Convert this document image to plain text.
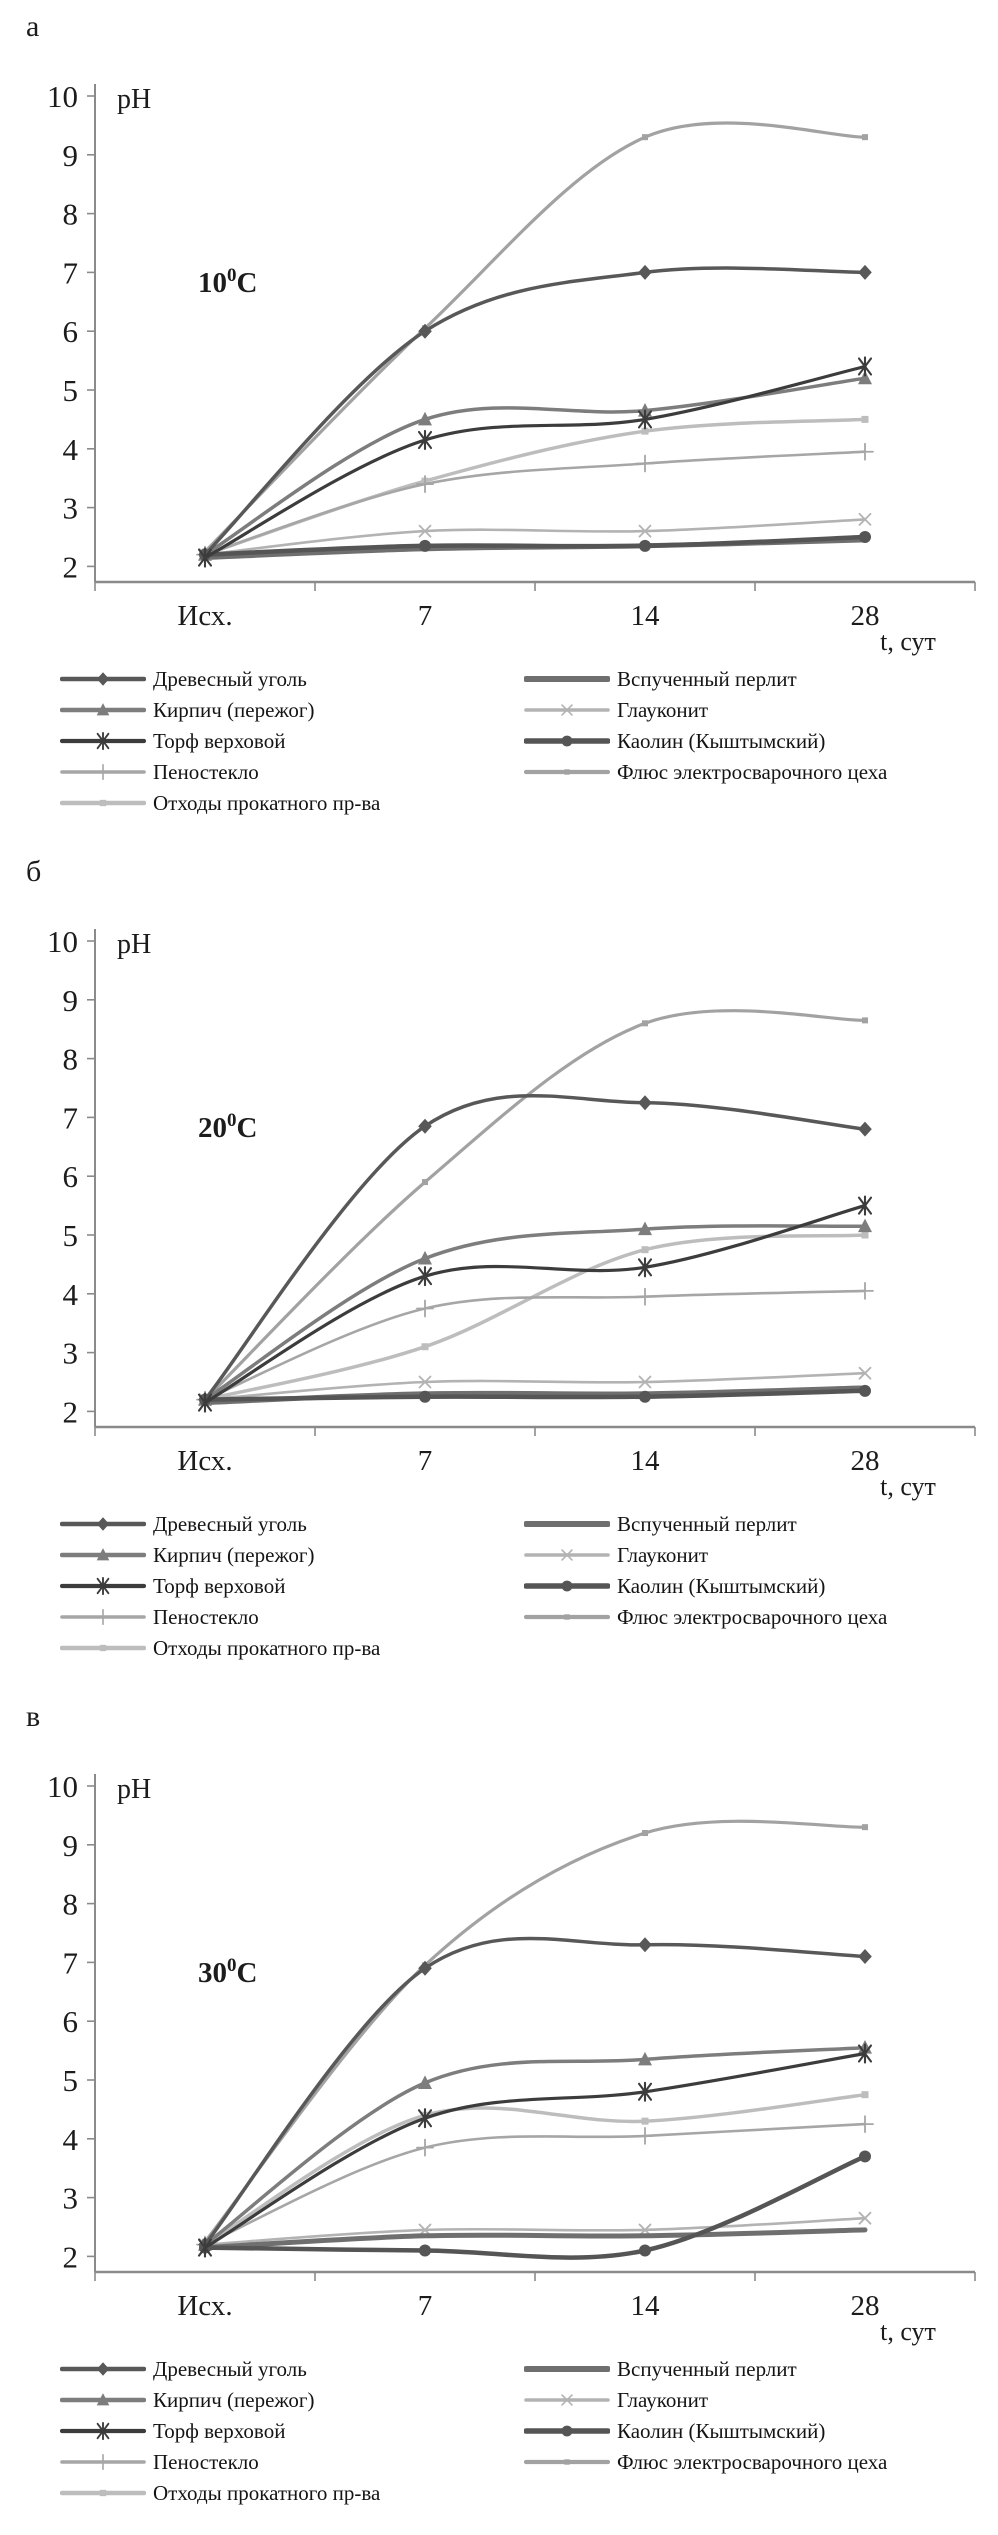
а
2
3
4
5
6
7
8
9
10
Исх.	7	14	28
pH
t, сут
$10^0C$
Древесный уголь	Вспученный перлит
Кирпич (пережог)	Глауконит
Торф верховой	Каолин (Кыштымский)
Пеностекло	Флюс электросварочного цеха
Отходы прокатного пр-ва
б
2
3
4
5
6
7
8
9
10
Исх.	7	14	28
pH
t, сут
$20^0C$
Древесный уголь	Вспученный перлит
Кирпич (пережог)	Глауконит
Торф верховой	Каолин (Кыштымский)
Пеностекло	Флюс электросварочного цеха
Отходы прокатного пр-ва
в
2
3
4
5
6
7
8
9
10
Исх.	7	14	28
pH
t, сут
$30^0C$
Древесный уголь	Вспученный перлит
Кирпич (пережог)	Глауконит
Торф верховой	Каолин (Кыштымский)
Пеностекло	Флюс электросварочного цеха
Отходы прокатного пр-ва
